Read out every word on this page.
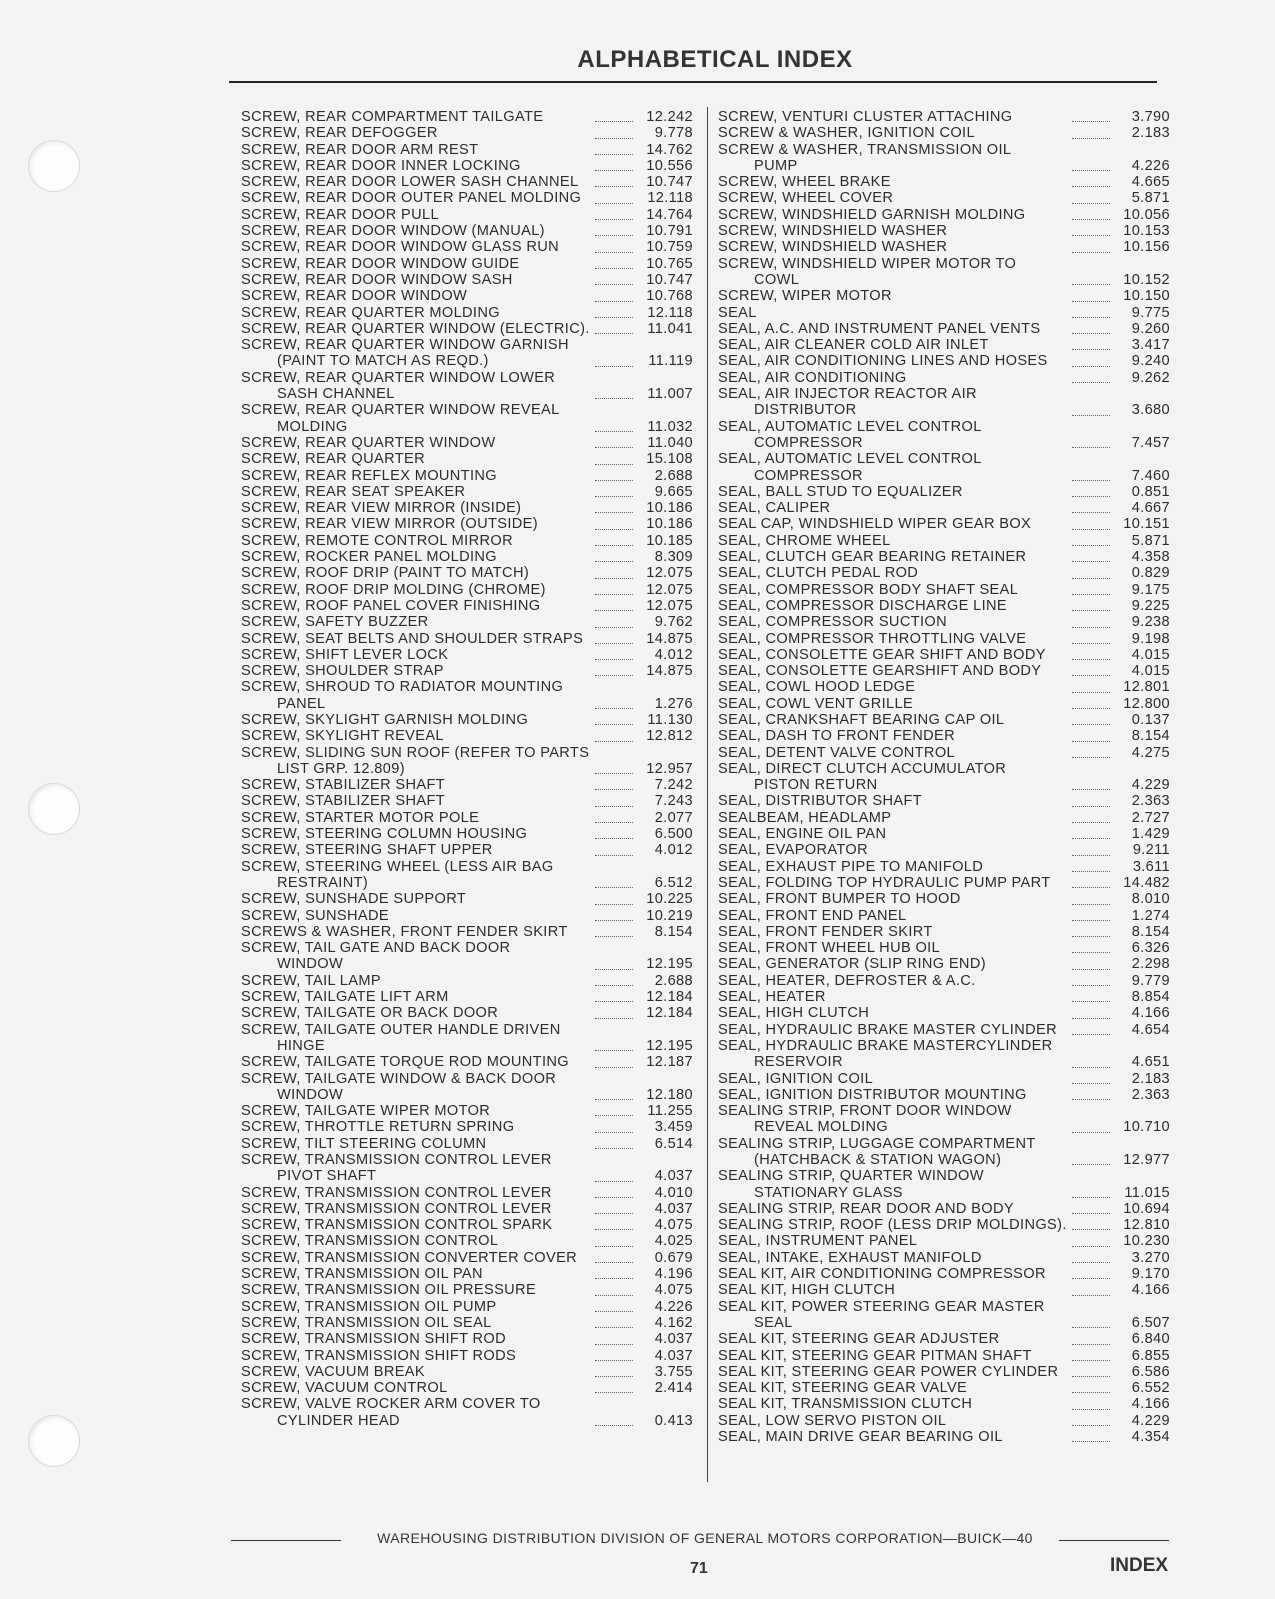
ALPHABETICAL INDEX
SCREW, REAR COMPARTMENT TAILGATE	12.242
SCREW, REAR DEFOGGER	9.778
SCREW, REAR DOOR ARM REST	14.762
SCREW, REAR DOOR INNER LOCKING	10.556
SCREW, REAR DOOR LOWER SASH CHANNEL	10.747
SCREW, REAR DOOR OUTER PANEL MOLDING	12.118
SCREW, REAR DOOR PULL	14.764
SCREW, REAR DOOR WINDOW (MANUAL)	10.791
SCREW, REAR DOOR WINDOW GLASS RUN	10.759
SCREW, REAR DOOR WINDOW GUIDE	10.765
SCREW, REAR DOOR WINDOW SASH	10.747
SCREW, REAR DOOR WINDOW	10.768
SCREW, REAR QUARTER MOLDING	12.118
SCREW, REAR QUARTER WINDOW (ELECTRIC).	11.041
SCREW, REAR QUARTER WINDOW GARNISH
(PAINT TO MATCH AS REQD.)	11.119
SCREW, REAR QUARTER WINDOW LOWER
SASH CHANNEL	11.007
SCREW, REAR QUARTER WINDOW REVEAL
MOLDING	11.032
SCREW, REAR QUARTER WINDOW	11.040
SCREW, REAR QUARTER	15.108
SCREW, REAR REFLEX MOUNTING	2.688
SCREW, REAR SEAT SPEAKER	9.665
SCREW, REAR VIEW MIRROR (INSIDE)	10.186
SCREW, REAR VIEW MIRROR (OUTSIDE)	10.186
SCREW, REMOTE CONTROL MIRROR	10.185
SCREW, ROCKER PANEL MOLDING	8.309
SCREW, ROOF DRIP (PAINT TO MATCH)	12.075
SCREW, ROOF DRIP MOLDING (CHROME)	12.075
SCREW, ROOF PANEL COVER FINISHING	12.075
SCREW, SAFETY BUZZER	9.762
SCREW, SEAT BELTS AND SHOULDER STRAPS	14.875
SCREW, SHIFT LEVER LOCK	4.012
SCREW, SHOULDER STRAP	14.875
SCREW, SHROUD TO RADIATOR MOUNTING
PANEL	1.276
SCREW, SKYLIGHT GARNISH MOLDING	11.130
SCREW, SKYLIGHT REVEAL	12.812
SCREW, SLIDING SUN ROOF (REFER TO PARTS
LIST GRP. 12.809)	12.957
SCREW, STABILIZER SHAFT	7.242
SCREW, STABILIZER SHAFT	7.243
SCREW, STARTER MOTOR POLE	2.077
SCREW, STEERING COLUMN HOUSING	6.500
SCREW, STEERING SHAFT UPPER	4.012
SCREW, STEERING WHEEL (LESS AIR BAG
RESTRAINT)	6.512
SCREW, SUNSHADE SUPPORT	10.225
SCREW, SUNSHADE	10.219
SCREWS & WASHER, FRONT FENDER SKIRT	8.154
SCREW, TAIL GATE AND BACK DOOR
WINDOW	12.195
SCREW, TAIL LAMP	2.688
SCREW, TAILGATE LIFT ARM	12.184
SCREW, TAILGATE OR BACK DOOR	12.184
SCREW, TAILGATE OUTER HANDLE DRIVEN
HINGE	12.195
SCREW, TAILGATE TORQUE ROD MOUNTING	12.187
SCREW, TAILGATE WINDOW & BACK DOOR
WINDOW	12.180
SCREW, TAILGATE WIPER MOTOR	11.255
SCREW, THROTTLE RETURN SPRING	3.459
SCREW, TILT STEERING COLUMN	6.514
SCREW, TRANSMISSION CONTROL LEVER
PIVOT SHAFT	4.037
SCREW, TRANSMISSION CONTROL LEVER	4.010
SCREW, TRANSMISSION CONTROL LEVER	4.037
SCREW, TRANSMISSION CONTROL SPARK	4.075
SCREW, TRANSMISSION CONTROL	4.025
SCREW, TRANSMISSION CONVERTER COVER	0.679
SCREW, TRANSMISSION OIL PAN	4.196
SCREW, TRANSMISSION OIL PRESSURE	4.075
SCREW, TRANSMISSION OIL PUMP	4.226
SCREW, TRANSMISSION OIL SEAL	4.162
SCREW, TRANSMISSION SHIFT ROD	4.037
SCREW, TRANSMISSION SHIFT RODS	4.037
SCREW, VACUUM BREAK	3.755
SCREW, VACUUM CONTROL	2.414
SCREW, VALVE ROCKER ARM COVER TO
CYLINDER HEAD	0.413
SCREW, VENTURI CLUSTER ATTACHING	3.790
SCREW & WASHER, IGNITION COIL	2.183
SCREW & WASHER, TRANSMISSION OIL
PUMP	4.226
SCREW, WHEEL BRAKE	4.665
SCREW, WHEEL COVER	5.871
SCREW, WINDSHIELD GARNISH MOLDING	10.056
SCREW, WINDSHIELD WASHER	10.153
SCREW, WINDSHIELD WASHER	10.156
SCREW, WINDSHIELD WIPER MOTOR TO
COWL	10.152
SCREW, WIPER MOTOR	10.150
SEAL	9.775
SEAL, A.C. AND INSTRUMENT PANEL VENTS	9.260
SEAL, AIR CLEANER COLD AIR INLET	3.417
SEAL, AIR CONDITIONING LINES AND HOSES	9.240
SEAL, AIR CONDITIONING	9.262
SEAL, AIR INJECTOR REACTOR AIR
DISTRIBUTOR	3.680
SEAL, AUTOMATIC LEVEL CONTROL
COMPRESSOR	7.457
SEAL, AUTOMATIC LEVEL CONTROL
COMPRESSOR	7.460
SEAL, BALL STUD TO EQUALIZER	0.851
SEAL, CALIPER	4.667
SEAL CAP, WINDSHIELD WIPER GEAR BOX	10.151
SEAL, CHROME WHEEL	5.871
SEAL, CLUTCH GEAR BEARING RETAINER	4.358
SEAL, CLUTCH PEDAL ROD	0.829
SEAL, COMPRESSOR BODY SHAFT SEAL	9.175
SEAL, COMPRESSOR DISCHARGE LINE	9.225
SEAL, COMPRESSOR SUCTION	9.238
SEAL, COMPRESSOR THROTTLING VALVE	9.198
SEAL, CONSOLETTE GEAR SHIFT AND BODY	4.015
SEAL, CONSOLETTE GEARSHIFT AND BODY	4.015
SEAL, COWL HOOD LEDGE	12.801
SEAL, COWL VENT GRILLE	12.800
SEAL, CRANKSHAFT BEARING CAP OIL	0.137
SEAL, DASH TO FRONT FENDER	8.154
SEAL, DETENT VALVE CONTROL	4.275
SEAL, DIRECT CLUTCH ACCUMULATOR
PISTON RETURN	4.229
SEAL, DISTRIBUTOR SHAFT	2.363
SEALBEAM, HEADLAMP	2.727
SEAL, ENGINE OIL PAN	1.429
SEAL, EVAPORATOR	9.211
SEAL, EXHAUST PIPE TO MANIFOLD	3.611
SEAL, FOLDING TOP HYDRAULIC PUMP PART	14.482
SEAL, FRONT BUMPER TO HOOD	8.010
SEAL, FRONT END PANEL	1.274
SEAL, FRONT FENDER SKIRT	8.154
SEAL, FRONT WHEEL HUB OIL	6.326
SEAL, GENERATOR (SLIP RING END)	2.298
SEAL, HEATER, DEFROSTER & A.C.	9.779
SEAL, HEATER	8.854
SEAL, HIGH CLUTCH	4.166
SEAL, HYDRAULIC BRAKE MASTER CYLINDER	4.654
SEAL, HYDRAULIC BRAKE MASTERCYLINDER
RESERVOIR	4.651
SEAL, IGNITION COIL	2.183
SEAL, IGNITION DISTRIBUTOR MOUNTING	2.363
SEALING STRIP, FRONT DOOR WINDOW
REVEAL MOLDING	10.710
SEALING STRIP, LUGGAGE COMPARTMENT
(HATCHBACK & STATION WAGON)	12.977
SEALING STRIP, QUARTER WINDOW
STATIONARY GLASS	11.015
SEALING STRIP, REAR DOOR AND BODY	10.694
SEALING STRIP, ROOF (LESS DRIP MOLDINGS).	12.810
SEAL, INSTRUMENT PANEL	10.230
SEAL, INTAKE, EXHAUST MANIFOLD	3.270
SEAL KIT, AIR CONDITIONING COMPRESSOR	9.170
SEAL KIT, HIGH CLUTCH	4.166
SEAL KIT, POWER STEERING GEAR MASTER
SEAL	6.507
SEAL KIT, STEERING GEAR ADJUSTER	6.840
SEAL KIT, STEERING GEAR PITMAN SHAFT	6.855
SEAL KIT, STEERING GEAR POWER CYLINDER	6.586
SEAL KIT, STEERING GEAR VALVE	6.552
SEAL KIT, TRANSMISSION CLUTCH	4.166
SEAL, LOW SERVO PISTON OIL	4.229
SEAL, MAIN DRIVE GEAR BEARING OIL	4.354
WAREHOUSING DISTRIBUTION DIVISION OF GENERAL MOTORS CORPORATION—BUICK—40
71	INDEX
